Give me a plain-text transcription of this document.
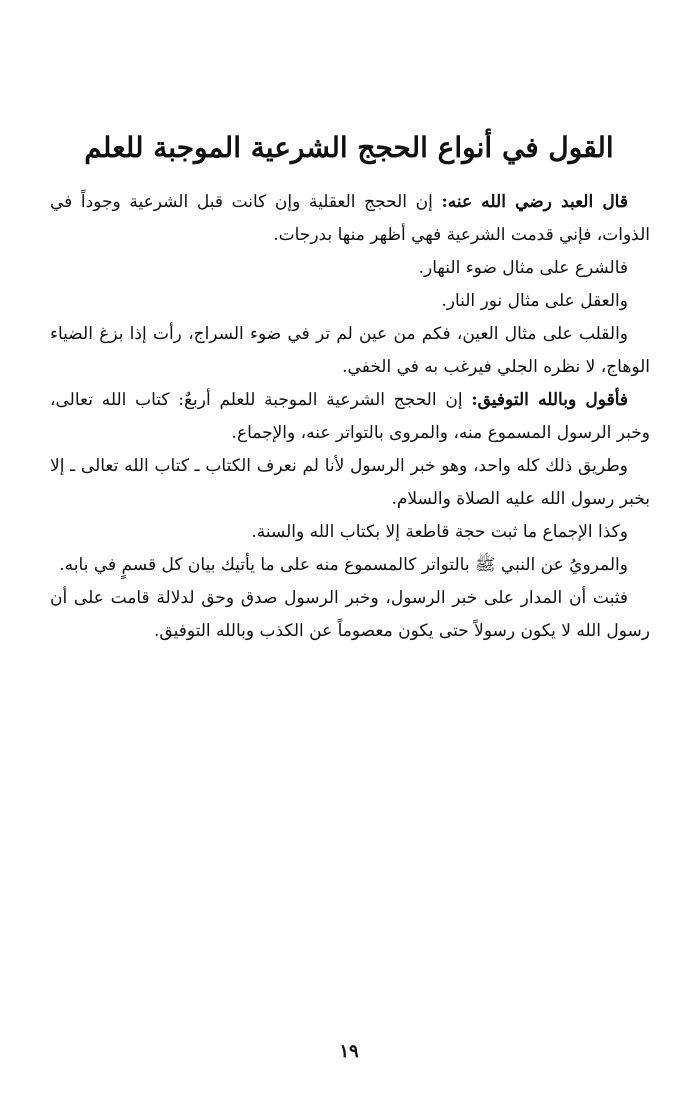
القول في أنواع الحجج الشرعية الموجبة للعلم

قال العبد رضي الله عنه: إن الحجج العقلية وإن كانت قبل الشرعية وجوداً في الذوات، فإني قدمت الشرعية فهي أظهر منها بدرجات.

فالشرع على مثال ضوء النهار.

والعقل على مثال نور النار.

والقلب على مثال العين، فكم من عين لم تر في ضوء السراج، رأت إذا بزغ الضياء الوهاج، لا نظره الجلي فيرغب به في الخفي.

فأقول وبالله التوفيق: إن الحجج الشرعية الموجبة للعلم أربعٌ: كتاب الله تعالى، وخبر الرسول المسموع منه، والمروى بالتواتر عنه، والإجماع.

وطريق ذلك كله واحد، وهو خبر الرسول لأنا لم نعرف الكتاب ـ كتاب الله تعالى ـ إلا بخبر رسول الله عليه الصلاة والسلام.

وكذا الإجماع ما ثبت حجة قاطعة إلا بكتاب الله والسنة.

والمرويُ عن النبي ﷺ بالتواتر كالمسموع منه على ما يأتيك بيان كل قسمٍ في بابه.

فثبت أن المدار على خبر الرسول، وخبر الرسول صدق وحق لدلالة قامت على أن رسول الله لا يكون رسولاً حتى يكون معصوماً عن الكذب وبالله التوفيق.

١٩
